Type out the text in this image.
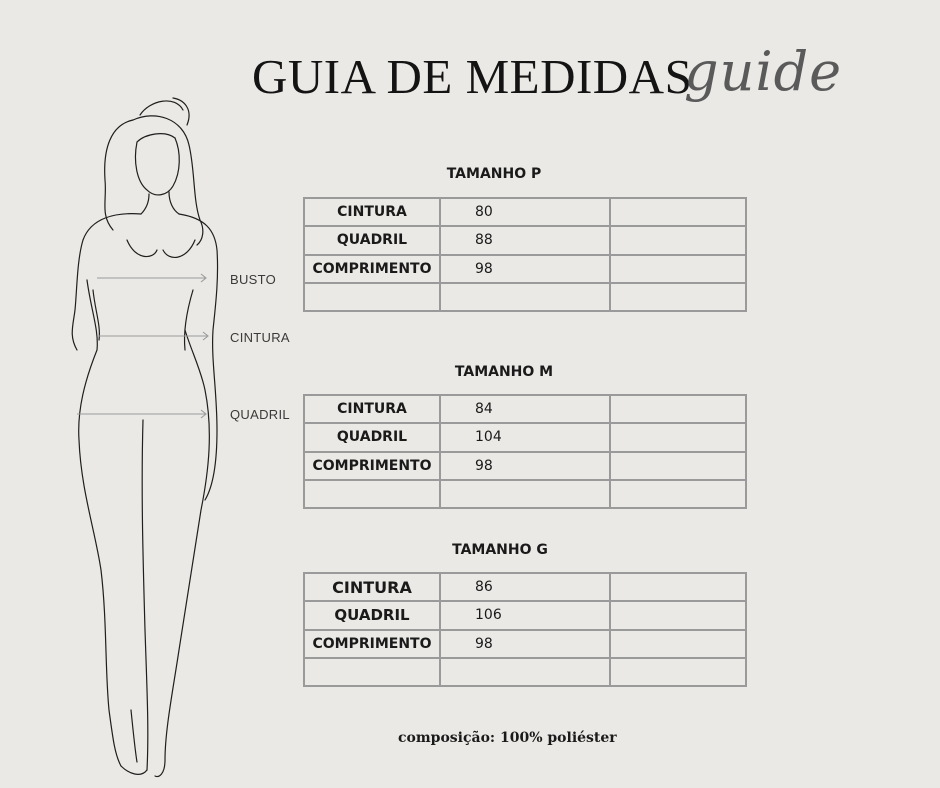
GUIA DE MEDIDAS
guide
BUSTO
CINTURA
QUADRIL
TAMANHO P
CINTURA	80	
QUADRIL	88	
COMPRIMENTO	98	

TAMANHO M
CINTURA	84	
QUADRIL	104	
COMPRIMENTO	98	

TAMANHO G
CINTURA	86	
QUADRIL	106	
COMPRIMENTO	98	

composição: 100% poliéster
